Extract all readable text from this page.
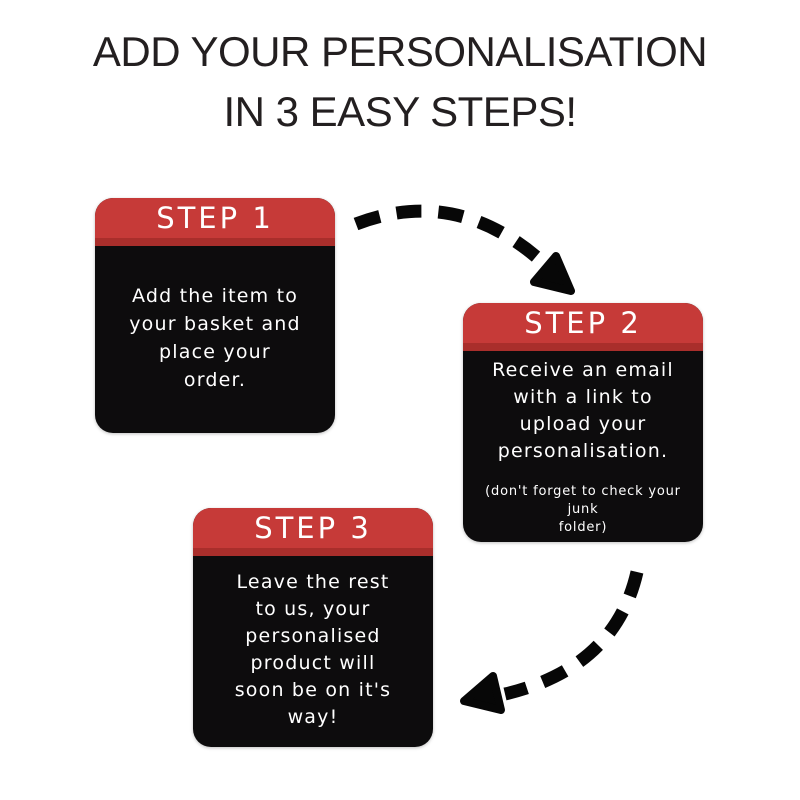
ADD YOUR PERSONALISATION
IN 3 EASY STEPS!
STEP 1

Add the item to
your basket and
place your
order.

STEP 2

Receive an email
with a link to
upload your
personalisation.

(don't forget to check your junk
folder)

STEP 3

Leave the rest
to us, your
personalised
product will
soon be on it's
way!
